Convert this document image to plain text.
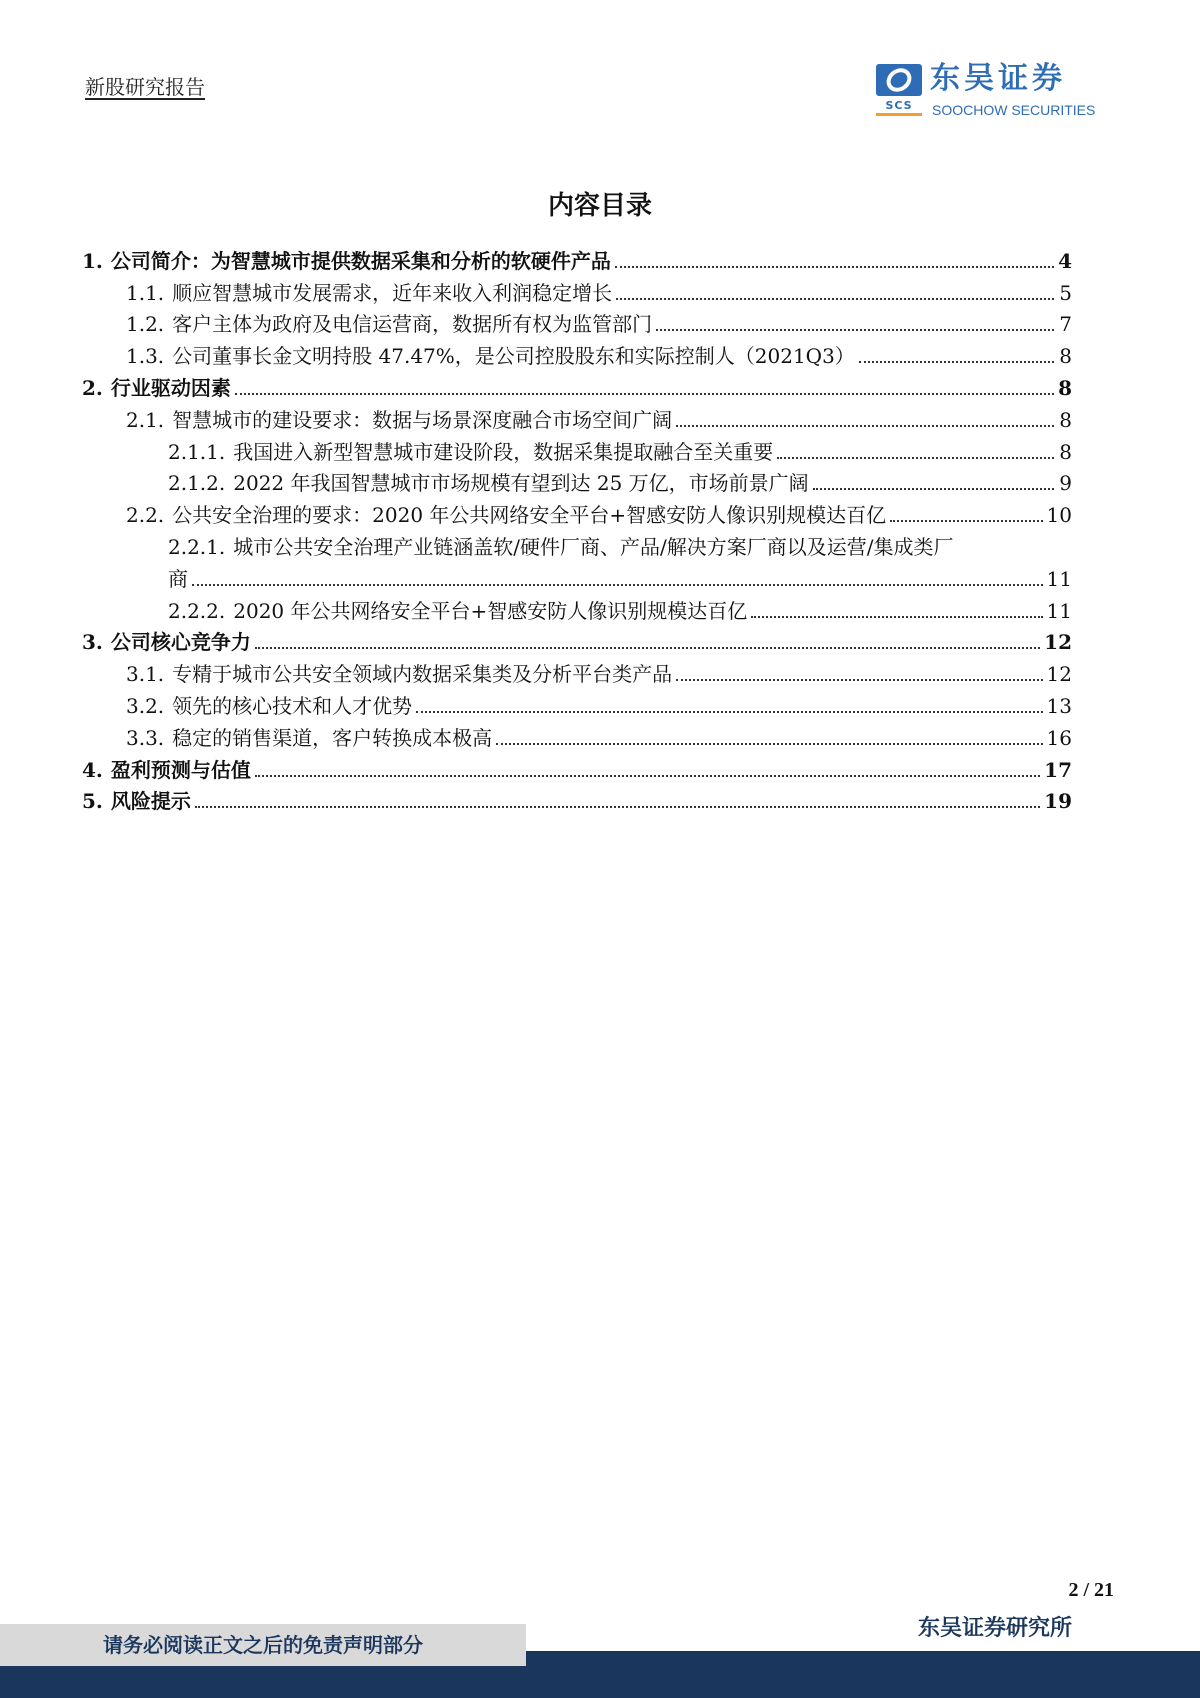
新股研究报告
SCS
东吴证券
SOOCHOW SECURITIES
内容目录
1. 公司简介：为智慧城市提供数据采集和分析的软硬件产品	4
1.1. 顺应智慧城市发展需求，近年来收入利润稳定增长	5
1.2. 客户主体为政府及电信运营商，数据所有权为监管部门	7
1.3. 公司董事长金文明持股 47.47%，是公司控股股东和实际控制人（2021Q3）	8
2. 行业驱动因素	8
2.1. 智慧城市的建设要求：数据与场景深度融合市场空间广阔	8
2.1.1. 我国进入新型智慧城市建设阶段，数据采集提取融合至关重要	8
2.1.2. 2022 年我国智慧城市市场规模有望到达 25 万亿，市场前景广阔	9
2.2. 公共安全治理的要求：2020 年公共网络安全平台+智感安防人像识别规模达百亿	10
2.2.1. 城市公共安全治理产业链涵盖软/硬件厂商、产品/解决方案厂商以及运营/集成类厂
商	11
2.2.2. 2020 年公共网络安全平台+智感安防人像识别规模达百亿	11
3. 公司核心竞争力	12
3.1. 专精于城市公共安全领域内数据采集类及分析平台类产品	12
3.2. 领先的核心技术和人才优势	13
3.3. 稳定的销售渠道，客户转换成本极高	16
4. 盈利预测与估值	17
5. 风险提示	19
2 / 21
请务必阅读正文之后的免责声明部分
东吴证券研究所
